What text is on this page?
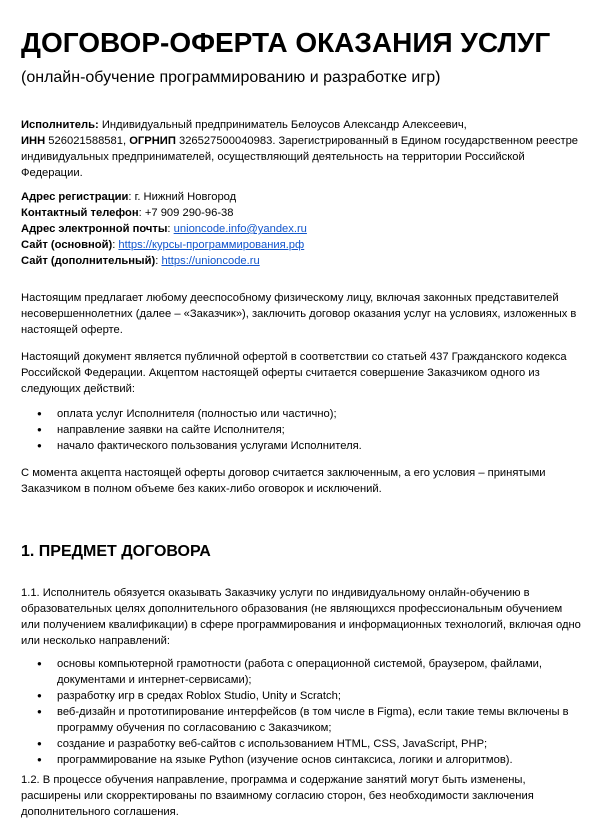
ДОГОВОР-ОФЕРТА ОКАЗАНИЯ УСЛУГ
(онлайн-обучение программированию и разработке игр)
Исполнитель: Индивидуальный предприниматель Белоусов Александр Алексеевич,
ИНН 526021588581, ОГРНИП 326527500040983. Зарегистрированный в Едином государственном реестре индивидуальных предпринимателей, осуществляющий деятельность на территории Российской Федерации.
Адрес регистрации: г. Нижний Новгород
Контактный телефон: +7 909 290-96-38
Адрес электронной почты: unioncode.info@yandex.ru
Сайт (основной): https://курсы-программирования.рф
Сайт (дополнительный): https://unioncode.ru
Настоящим предлагает любому дееспособному физическому лицу, включая законных представителей несовершеннолетних (далее – «Заказчик»), заключить договор оказания услуг на условиях, изложенных в настоящей оферте.
Настоящий документ является публичной офертой в соответствии со статьей 437 Гражданского кодекса Российской Федерации. Акцептом настоящей оферты считается совершение Заказчиком одного из следующих действий:
● оплата услуг Исполнителя (полностью или частично);
● направление заявки на сайте Исполнителя;
● начало фактического пользования услугами Исполнителя.
С момента акцепта настоящей оферты договор считается заключенным, а его условия – принятыми Заказчиком в полном объеме без каких-либо оговорок и исключений.
1. ПРЕДМЕТ ДОГОВОРА
1.1. Исполнитель обязуется оказывать Заказчику услуги по индивидуальному онлайн-обучению в образовательных целях дополнительного образования (не являющихся профессиональным обучением или получением квалификации) в сфере программирования и информационных технологий, включая одно или несколько направлений:
● основы компьютерной грамотности (работа с операционной системой, браузером, файлами, документами и интернет-сервисами);
● разработку игр в средах Roblox Studio, Unity и Scratch;
● веб-дизайн и прототипирование интерфейсов (в том числе в Figma), если такие темы включены в программу обучения по согласованию с Заказчиком;
● создание и разработку веб-сайтов с использованием HTML, CSS, JavaScript, PHP;
● программирование на языке Python (изучение основ синтаксиса, логики и алгоритмов).
1.2. В процессе обучения направление, программа и содержание занятий могут быть изменены, расширены или скорректированы по взаимному согласию сторон, без необходимости заключения дополнительного соглашения.
